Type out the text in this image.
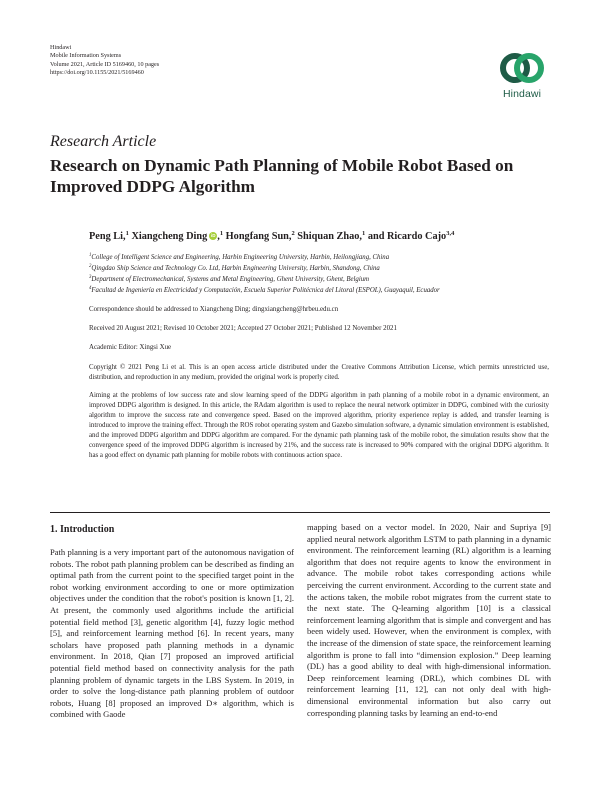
Hindawi
Mobile Information Systems
Volume 2021, Article ID 5169460, 10 pages
https://doi.org/10.1155/2021/5169460
Hindawi
Research Article
Research on Dynamic Path Planning of Mobile Robot Based on Improved DDPG Algorithm
Peng Li,$^1$ Xiangcheng DingiD ,$^1$ Hongfang Sun,$^2$ Shiquan Zhao,$^1$ and Ricardo Cajo$^{3,4}$
$^1$College of Intelligent Science and Engineering, Harbin Engineering University, Harbin, Heilongjiang, China
$^2$Qingdao Ship Science and Technology Co. Ltd, Harbin Engineering University, Harbin, Shandong, China
$^3$Department of Electromechanical, Systems and Metal Engineering, Ghent University, Ghent, Belgium
$^4$Facultad de Ingeniería en Electricidad y Computación, Escuela Superior Politécnica del Litoral (ESPOL), Guayaquil, Ecuador
Correspondence should be addressed to Xiangcheng Ding; dingxiangcheng@hrbeu.edu.cn
Received 20 August 2021; Revised 10 October 2021; Accepted 27 October 2021; Published 12 November 2021
Academic Editor: Xingsi Xue
Copyright © 2021 Peng Li et al. This is an open access article distributed under the Creative Commons Attribution License, which permits unrestricted use, distribution, and reproduction in any medium, provided the original work is properly cited.
Aiming at the problems of low success rate and slow learning speed of the DDPG algorithm in path planning of a mobile robot in a dynamic environment, an improved DDPG algorithm is designed. In this article, the RAdam algorithm is used to replace the neural network optimizer in DDPG, combined with the curiosity algorithm to improve the success rate and convergence speed. Based on the improved algorithm, priority experience replay is added, and transfer learning is introduced to improve the training effect. Through the ROS robot operating system and Gazebo simulation software, a dynamic simulation environment is established, and the improved DDPG algorithm and DDPG algorithm are compared. For the dynamic path planning task of the mobile robot, the simulation results show that the convergence speed of the improved DDPG algorithm is increased by 21%, and the success rate is increased to 90% compared with the original DDPG algorithm. It has a good effect on dynamic path planning for mobile robots with continuous action space.
1. Introduction
Path planning is a very important part of the autonomous navigation of robots. The robot path planning problem can be described as finding an optimal path from the current point to the specified target point in the robot working environment according to one or more optimization objectives under the condition that the robot's position is known [1, 2]. At present, the commonly used algorithms include the artificial potential field method [3], genetic algorithm [4], fuzzy logic method [5], and reinforcement learning method [6]. In recent years, many scholars have proposed path planning methods in a dynamic environment. In 2018, Qian [7] proposed an improved artificial potential field method based on connectivity analysis for the path planning problem of dynamic targets in the LBS System. In 2019, in order to solve the long-distance path planning problem of outdoor robots, Huang [8] proposed an improved D∗ algorithm, which is combined with Gaode
mapping based on a vector model. In 2020, Nair and Supriya [9] applied neural network algorithm LSTM to path planning in a dynamic environment. The reinforcement learning (RL) algorithm is a learning algorithm that does not require agents to know the environment in advance. The mobile robot takes corresponding actions while perceiving the current environment. According to the current state and the actions taken, the mobile robot migrates from the current state to the next state. The Q-learning algorithm [10] is a classical reinforcement learning algorithm that is simple and convergent and has been widely used. However, when the environment is complex, with the increase of the dimension of state space, the reinforcement learning algorithm is prone to fall into “dimension explosion.” Deep learning (DL) has a good ability to deal with high-dimensional information. Deep reinforcement learning (DRL), which combines DL with reinforcement learning [11, 12], can not only deal with high-dimensional environmental information but also carry out corresponding planning tasks by learning an end-to-end
